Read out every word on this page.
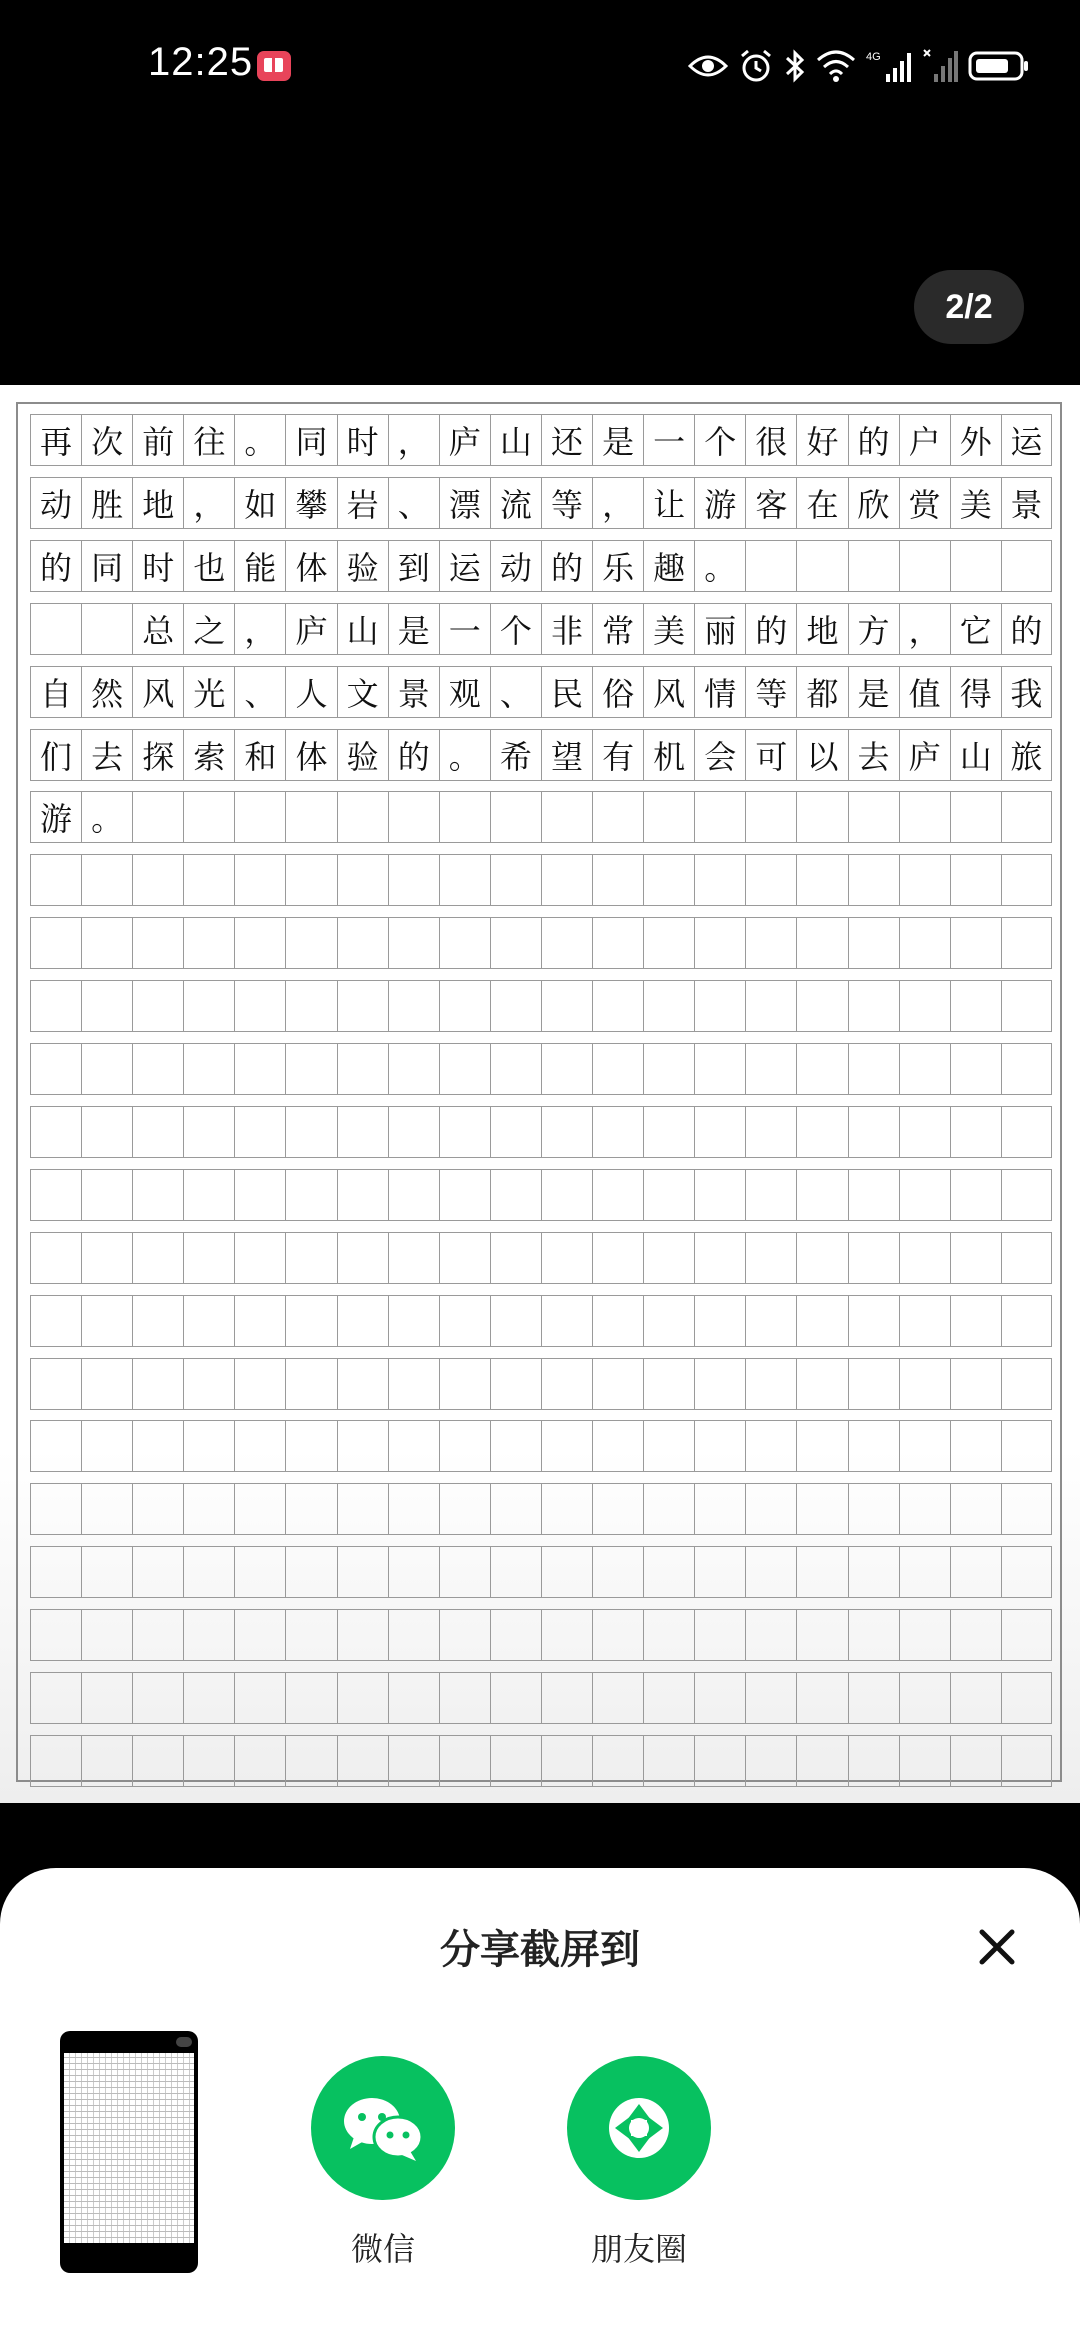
12:25	4G
2/2
再 次 前 往 。 同 时 ， 庐 山 还 是 一 个 很 好 的 户 外 运
动 胜 地 ， 如 攀 岩 、 漂 流 等 ， 让 游 客 在 欣 赏 美 景
的 同 时 也 能 体 验 到 运 动 的 乐 趣 。
总 之 ， 庐 山 是 一 个 非 常 美 丽 的 地 方 ， 它 的
自 然 风 光 、 人 文 景 观 、 民 俗 风 情 等 都 是 值 得 我
们 去 探 索 和 体 验 的 。 希 望 有 机 会 可 以 去 庐 山 旅
游 。
分享截屏到
微信	朋友圈
